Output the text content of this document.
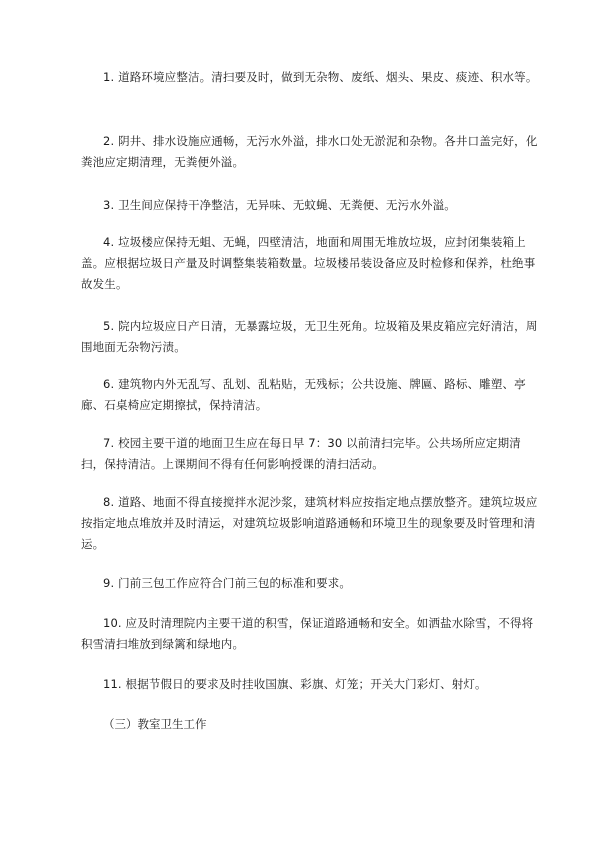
1. 道路环境应整洁。清扫要及时，做到无杂物、废纸、烟头、果皮、痰迹、积水等。

2. 阴井、排水设施应通畅，无污水外溢，排水口处无淤泥和杂物。各井口盖完好，化粪池应定期清理，无粪便外溢。

3. 卫生间应保持干净整洁，无异味、无蚊蝇、无粪便、无污水外溢。

4. 垃圾楼应保持无蛆、无蝇，四壁清洁，地面和周围无堆放垃圾，应封闭集装箱上盖。应根据垃圾日产量及时调整集装箱数量。垃圾楼吊装设备应及时检修和保养，杜绝事故发生。

5. 院内垃圾应日产日清，无暴露垃圾，无卫生死角。垃圾箱及果皮箱应完好清洁，周围地面无杂物污渍。

6. 建筑物内外无乱写、乱划、乱粘贴，无残标；公共设施、牌匾、路标、雕塑、亭廊、石桌椅应定期擦拭，保持清洁。

7. 校园主要干道的地面卫生应在每日早 7：30 以前清扫完毕。公共场所应定期清扫，保持清洁。上课期间不得有任何影响授课的清扫活动。

8. 道路、地面不得直接搅拌水泥沙浆，建筑材料应按指定地点摆放整齐。建筑垃圾应按指定地点堆放并及时清运，对建筑垃圾影响道路通畅和环境卫生的现象要及时管理和清运。

9. 门前三包工作应符合门前三包的标准和要求。

10. 应及时清理院内主要干道的积雪，保证道路通畅和安全。如洒盐水除雪，不得将积雪清扫堆放到绿篱和绿地内。

11. 根据节假日的要求及时挂收国旗、彩旗、灯笼；开关大门彩灯、射灯。

（三）教室卫生工作
